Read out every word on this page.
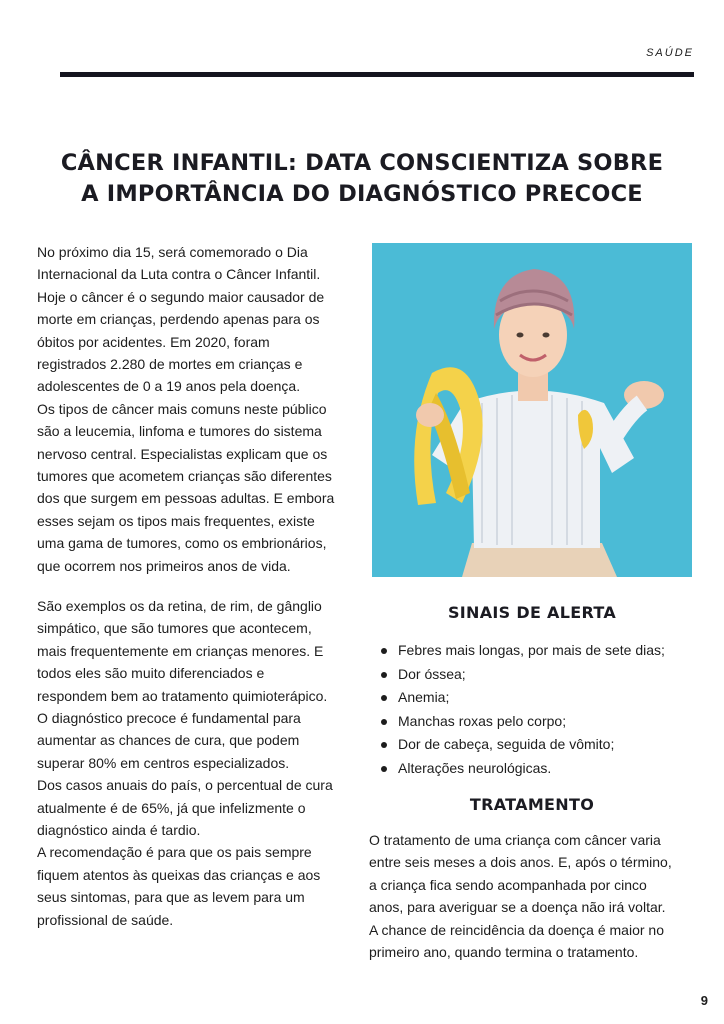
SAÚDE
CÂNCER INFANTIL: DATA CONSCIENTIZA SOBRE
A IMPORTÂNCIA DO DIAGNÓSTICO PRECOCE

No próximo dia 15, será comemorado o Dia

Internacional da Luta contra o Câncer Infantil.

Hoje o câncer é o segundo maior causador de

morte em crianças, perdendo apenas para os

óbitos por acidentes. Em 2020, foram

registrados 2.280 de mortes em crianças e

adolescentes de 0 a 19 anos pela doença.

Os tipos de câncer mais comuns neste público

são a leucemia, linfoma e tumores do sistema

nervoso central. Especialistas explicam que os

tumores que acometem crianças são diferentes

dos que surgem em pessoas adultas. E embora

esses sejam os tipos mais frequentes, existe

uma gama de tumores, como os embrionários,

que ocorrem nos primeiros anos de vida.

São exemplos os da retina, de rim, de gânglio

simpático, que são tumores que acontecem,

mais frequentemente em crianças menores. E

todos eles são muito diferenciados e

respondem bem ao tratamento quimioterápico.

O diagnóstico precoce é fundamental para

aumentar as chances de cura, que podem

superar 80% em centros especializados.

Dos casos anuais do país, o percentual de cura

atualmente é de 65%, já que infelizmente o

diagnóstico ainda é tardio.

A recomendação é para que os pais sempre

fiquem atentos às queixas das crianças e aos

seus sintomas, para que as levem para um

profissional de saúde.

SINAIS DE ALERTA
Febres mais longas, por mais de sete dias;
Dor óssea;
Anemia;
Manchas roxas pelo corpo;
Dor de cabeça, seguida de vômito;
Alterações neurológicas.
TRATAMENTO
O tratamento de uma criança com câncer varia
entre seis meses a dois anos. E, após o término,
a criança fica sendo acompanhada por cinco
anos, para averiguar se a doença não irá voltar.
A chance de reincidência da doença é maior no
primeiro ano, quando termina o tratamento.
9
